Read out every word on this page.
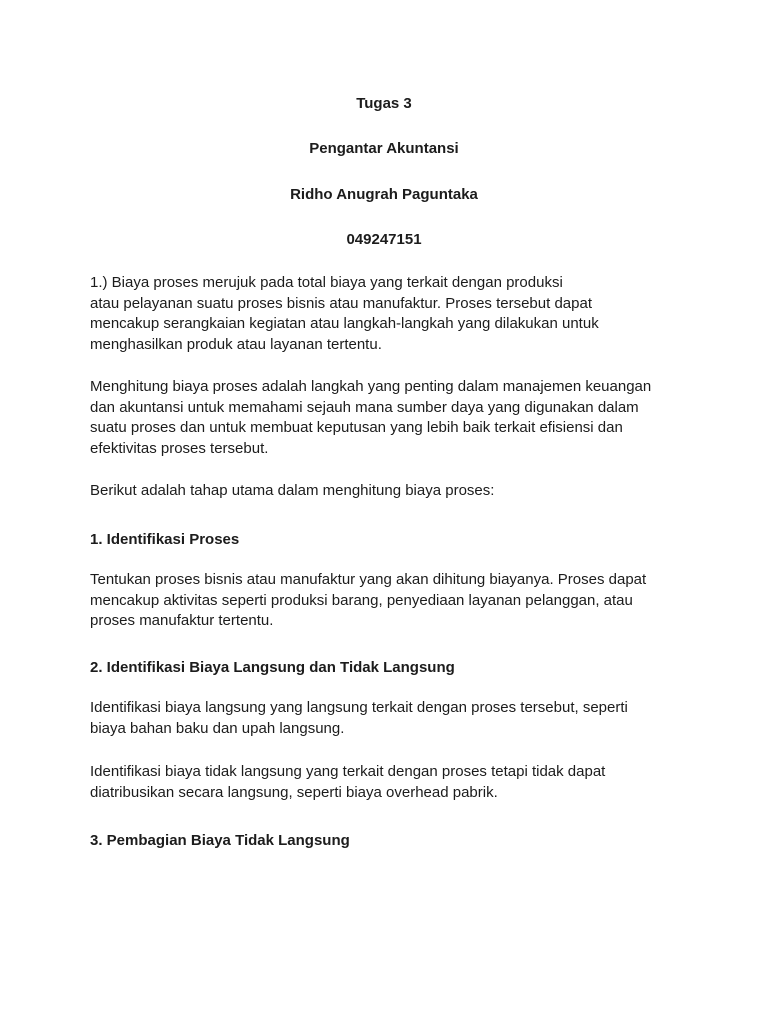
Tugas 3
Pengantar Akuntansi
Ridho Anugrah Paguntaka
049247151
1.) Biaya proses merujuk pada total biaya yang terkait dengan produksi
atau pelayanan suatu proses bisnis atau manufaktur. Proses tersebut dapat
mencakup serangkaian kegiatan atau langkah-langkah yang dilakukan untuk
menghasilkan produk atau layanan tertentu.
Menghitung biaya proses adalah langkah yang penting dalam manajemen keuangan
dan akuntansi untuk memahami sejauh mana sumber daya yang digunakan dalam
suatu proses dan untuk membuat keputusan yang lebih baik terkait efisiensi dan
efektivitas proses tersebut.
Berikut adalah tahap utama dalam menghitung biaya proses:
1. Identifikasi Proses
Tentukan proses bisnis atau manufaktur yang akan dihitung biayanya. Proses dapat
mencakup aktivitas seperti produksi barang, penyediaan layanan pelanggan, atau
proses manufaktur tertentu.
2. Identifikasi Biaya Langsung dan Tidak Langsung
Identifikasi biaya langsung yang langsung terkait dengan proses tersebut, seperti
biaya bahan baku dan upah langsung.
Identifikasi biaya tidak langsung yang terkait dengan proses tetapi tidak dapat
diatribusikan secara langsung, seperti biaya overhead pabrik.
3. Pembagian Biaya Tidak Langsung
